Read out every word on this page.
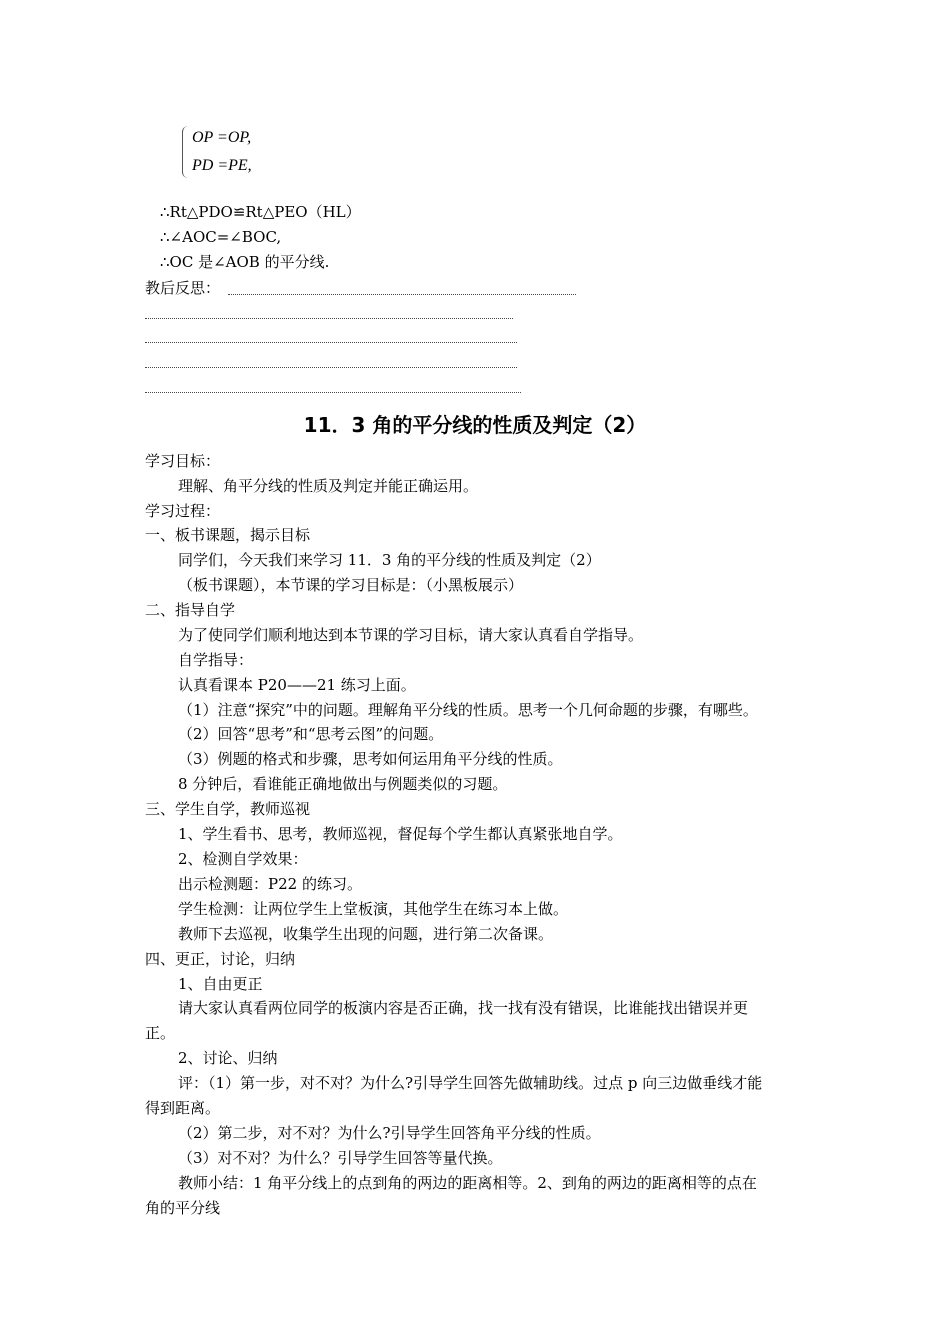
OP =OP,
PD =PE,
∴Rt△PDO≌Rt△PEO（HL）
∴∠AOC=∠BOC,
∴OC 是∠AOB 的平分线.
教后反思：
11．3 角的平分线的性质及判定（2）
学习目标：
理解、角平分线的性质及判定并能正确运用。
学习过程：
一、板书课题，揭示目标
同学们，今天我们来学习 11．3 角的平分线的性质及判定（2）
（板书课题），本节课的学习目标是：（小黑板展示）
二、指导自学
为了使同学们顺利地达到本节课的学习目标，请大家认真看自学指导。
自学指导：
认真看课本 P20——21 练习上面。
（1）注意“探究”中的问题。理解角平分线的性质。思考一个几何命题的步骤，有哪些。
（2）回答“思考”和“思考云图”的问题。
（3）例题的格式和步骤，思考如何运用角平分线的性质。
8 分钟后，看谁能正确地做出与例题类似的习题。
三、学生自学，教师巡视
1、学生看书、思考，教师巡视，督促每个学生都认真紧张地自学。
2、检测自学效果：
出示检测题：P22 的练习。
学生检测：让两位学生上堂板演，其他学生在练习本上做。
教师下去巡视，收集学生出现的问题，进行第二次备课。
四、更正，讨论，归纳
1、自由更正
请大家认真看两位同学的板演内容是否正确，找一找有没有错误，比谁能找出错误并更
正。
2、讨论、归纳
评：（1）第一步，对不对？为什么?引导学生回答先做辅助线。过点 p 向三边做垂线才能
得到距离。
（2）第二步，对不对？为什么?引导学生回答角平分线的性质。
（3）对不对？为什么？引导学生回答等量代换。
教师小结：1 角平分线上的点到角的两边的距离相等。2、到角的两边的距离相等的点在
角的平分线
